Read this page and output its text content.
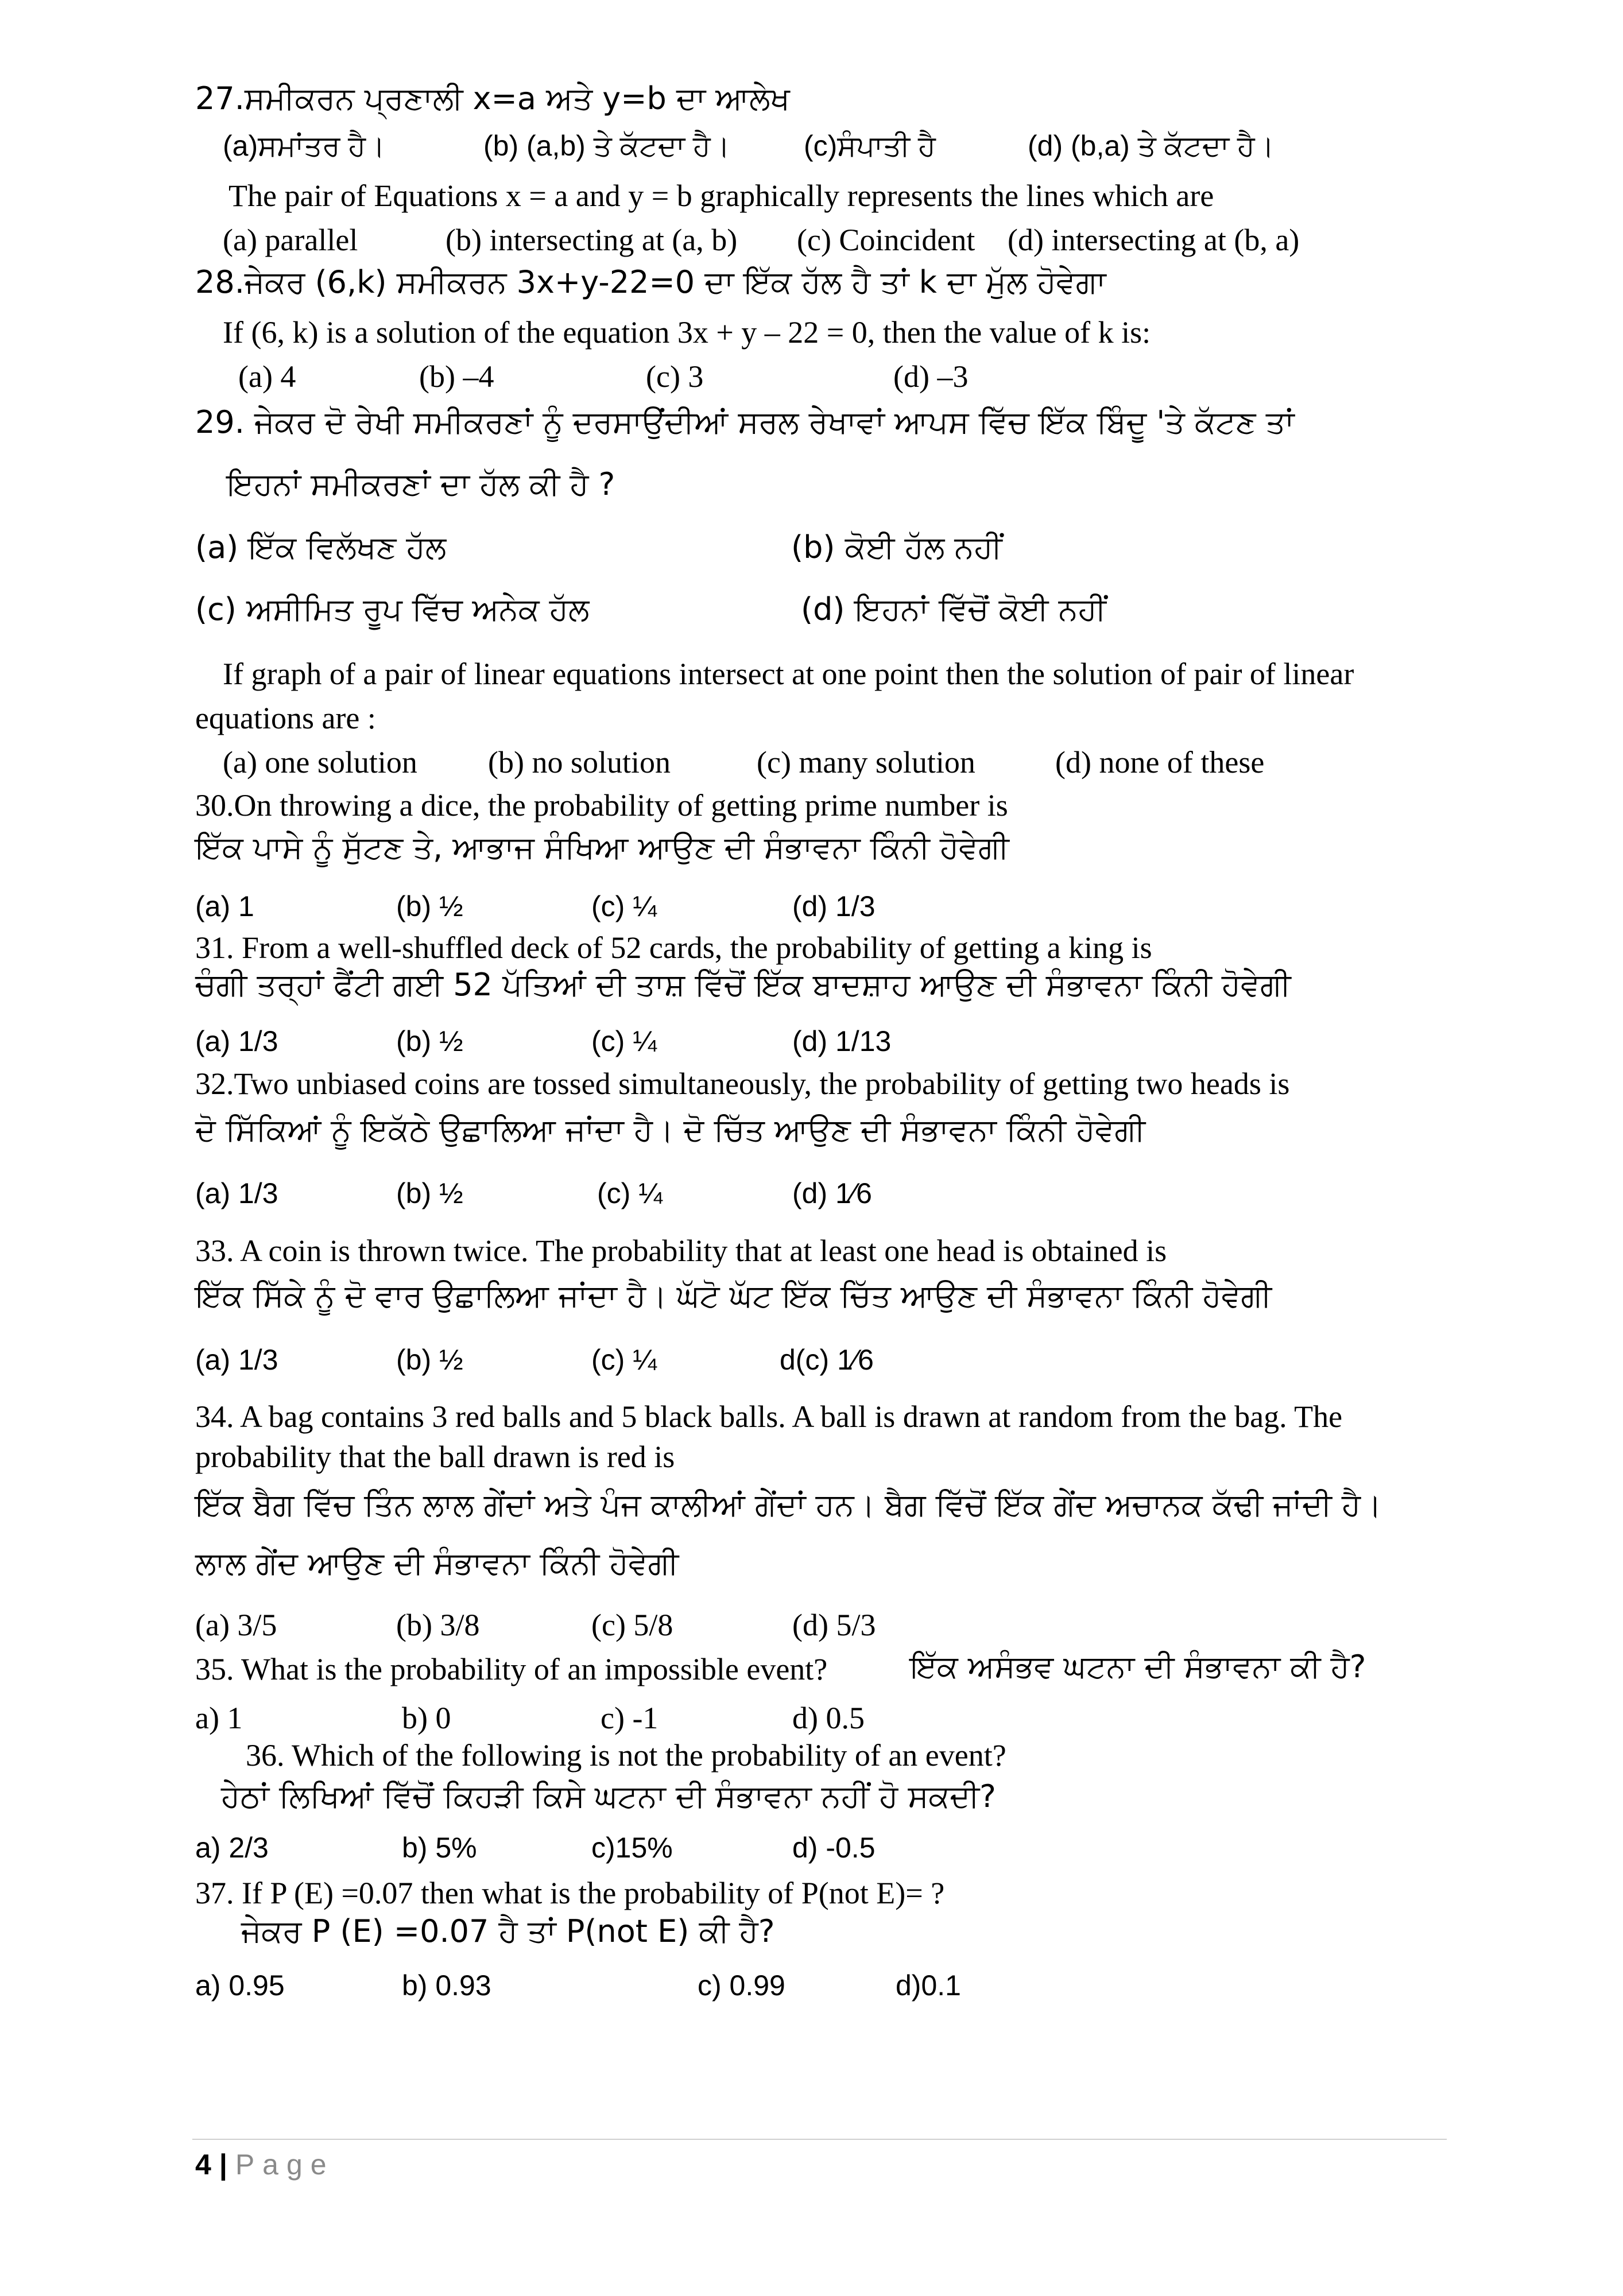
27.ਸਮੀਕਰਨ ਪ੍ਰਣਾਲੀ x=a ਅਤੇ y=b ਦਾ ਆਲੇਖ
(a)ਸਮਾਂਤਰ ਹੈ।	(b) (a,b) ਤੇ ਕੱਟਦਾ ਹੈ।	(c)ਸੰਪਾਤੀ ਹੈ	(d) (b,a) ਤੇ ਕੱਟਦਾ ਹੈ।
The pair of Equations x = a and y = b graphically represents the lines which are
(a) parallel	(b) intersecting at (a, b) (c) Coincident (d) intersecting at (b, a)
28.ਜੇਕਰ (6,k) ਸਮੀਕਰਨ 3x+y-22=0 ਦਾ ਇੱਕ ਹੱਲ ਹੈ ਤਾਂ k ਦਾ ਮੁੱਲ ਹੋਵੇਗਾ
If (6, k) is a solution of the equation 3x + y – 22 = 0, then the value of k is:
(a) 4	(b) –4	(c) 3	(d) –3
29. ਜੇਕਰ ਦੋ ਰੇਖੀ ਸਮੀਕਰਣਾਂ ਨੂੰ ਦਰਸਾਉਂਦੀਆਂ ਸਰਲ ਰੇਖਾਵਾਂ ਆਪਸ ਵਿੱਚ ਇੱਕ ਬਿੰਦੂ 'ਤੇ ਕੱਟਣ ਤਾਂ
ਇਹਨਾਂ ਸਮੀਕਰਣਾਂ ਦਾ ਹੱਲ ਕੀ ਹੈ ?
(a) ਇੱਕ ਵਿਲੱਖਣ ਹੱਲ	(b) ਕੋਈ ਹੱਲ ਨਹੀਂ
(c) ਅਸੀਮਿਤ ਰੂਪ ਵਿੱਚ ਅਨੇਕ ਹੱਲ	(d) ਇਹਨਾਂ ਵਿੱਚੋਂ ਕੋਈ ਨਹੀਂ
If graph of a pair of linear equations intersect at one point then the solution of pair of linear
equations are :
(a) one solution (b) no solution	(c) many solution	(d) none of these
30.On throwing a dice, the probability of getting prime number is
ਇੱਕ ਪਾਸੇ ਨੂੰ ਸੁੱਟਣ ਤੇ, ਆਭਾਜ ਸੰਖਿਆ ਆਉਣ ਦੀ ਸੰਭਾਵਨਾ ਕਿੰਨੀ ਹੋਵੇਗੀ
(a) 1	(b) ½	(c) ¼	(d) 1/3
31. From a well-shuffled deck of 52 cards, the probability of getting a king is
ਚੰਗੀ ਤਰ੍ਹਾਂ ਫੈਂਟੀ ਗਈ 52 ਪੱਤਿਆਂ ਦੀ ਤਾਸ਼ ਵਿੱਚੋਂ ਇੱਕ ਬਾਦਸ਼ਾਹ ਆਉਣ ਦੀ ਸੰਭਾਵਨਾ ਕਿੰਨੀ ਹੋਵੇਗੀ
(a) 1/3	(b) ½	(c) ¼	(d) 1/13
32.Two unbiased coins are tossed simultaneously, the probability of getting two heads is
ਦੋ ਸਿੱਕਿਆਂ ਨੂੰ ਇਕੱਠੇ ਉਛਾਲਿਆ ਜਾਂਦਾ ਹੈ। ਦੋ ਚਿੱਤ ਆਉਣ ਦੀ ਸੰਭਾਵਨਾ ਕਿੰਨੀ ਹੋਵੇਗੀ
(a) 1/3	(b) ½	(c) ¼	(d) 1⁄6
33. A coin is thrown twice. The probability that at least one head is obtained is
ਇੱਕ ਸਿੱਕੇ ਨੂੰ ਦੋ ਵਾਰ ਉਛਾਲਿਆ ਜਾਂਦਾ ਹੈ। ਘੱਟੋ ਘੱਟ ਇੱਕ ਚਿੱਤ ਆਉਣ ਦੀ ਸੰਭਾਵਨਾ ਕਿੰਨੀ ਹੋਵੇਗੀ
(a) 1/3	(b) ½	(c) ¼	d(c) 1⁄6
34. A bag contains 3 red balls and 5 black balls. A ball is drawn at random from the bag. The
probability that the ball drawn is red is
ਇੱਕ ਬੈਗ ਵਿੱਚ ਤਿੰਨ ਲਾਲ ਗੇਂਦਾਂ ਅਤੇ ਪੰਜ ਕਾਲੀਆਂ ਗੇਂਦਾਂ ਹਨ। ਬੈਗ ਵਿੱਚੋਂ ਇੱਕ ਗੇਂਦ ਅਚਾਨਕ ਕੱਢੀ ਜਾਂਦੀ ਹੈ।
ਲਾਲ ਗੇਂਦ ਆਉਣ ਦੀ ਸੰਭਾਵਨਾ ਕਿੰਨੀ ਹੋਵੇਗੀ
(a) 3/5	(b) 3/8	(c) 5/8	(d) 5/3
35. What is the probability of an impossible event?	ਇੱਕ ਅਸੰਭਵ ਘਟਨਾ ਦੀ ਸੰਭਾਵਨਾ ਕੀ ਹੈ?
a) 1	b) 0	c) -1	d) 0.5
36. Which of the following is not the probability of an event?
ਹੇਠਾਂ ਲਿਖਿਆਂ ਵਿੱਚੋਂ ਕਿਹੜੀ ਕਿਸੇ ਘਟਨਾ ਦੀ ਸੰਭਾਵਨਾ ਨਹੀਂ ਹੋ ਸਕਦੀ?
a) 2/3	b) 5%	c)15%	d) -0.5
37. If P (E) =0.07 then what is the probability of P(not E)= ?
ਜੇਕਰ P (E) =0.07 ਹੈ ਤਾਂ P(not E) ਕੀ ਹੈ?
a) 0.95	b) 0.93	c) 0.99	d)0.1
4 | Page
